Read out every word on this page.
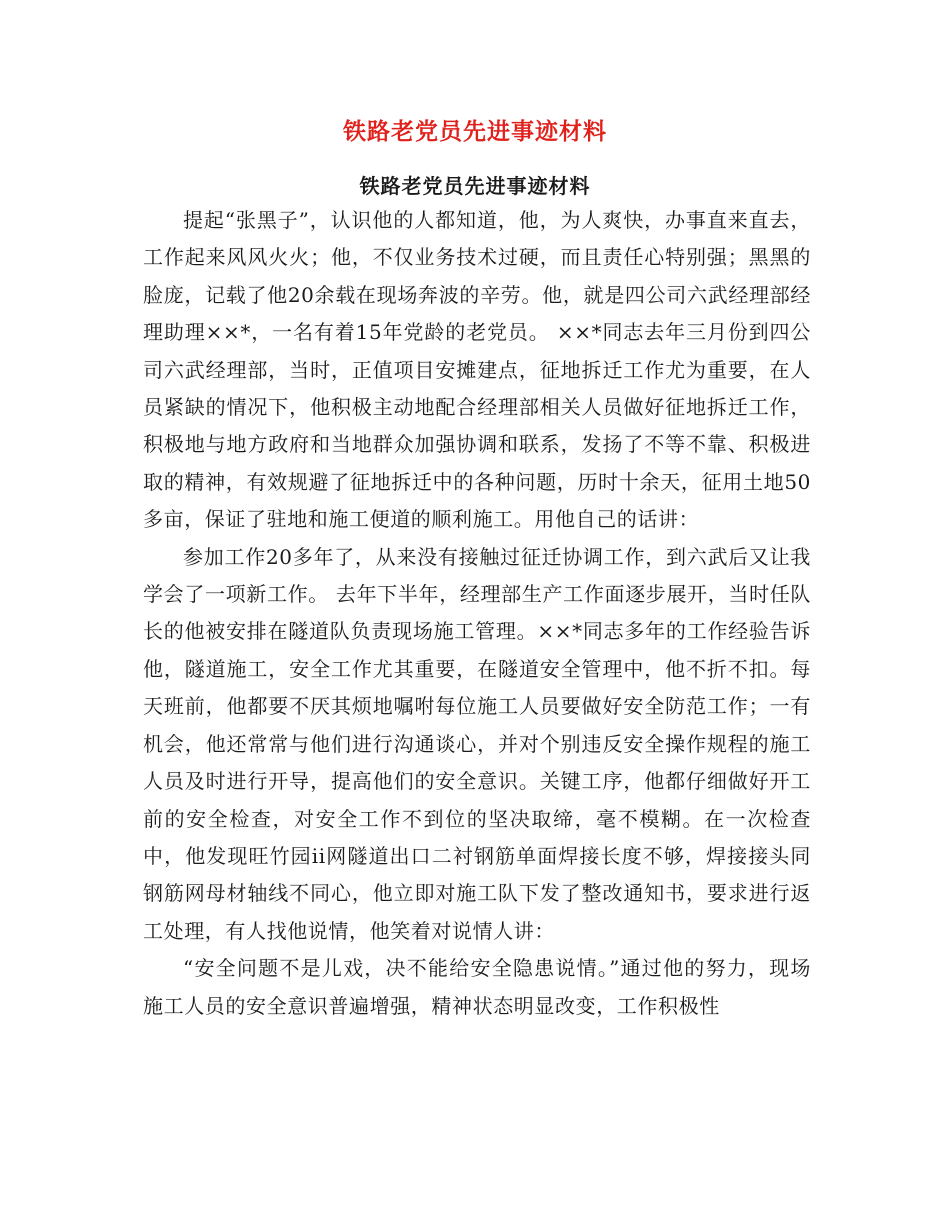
铁路老党员先进事迹材料
铁路老党员先进事迹材料

提起“张黑子”，认识他的人都知道，他，为人爽快，办事直来直去，工作起来风风火火；他，不仅业务技术过硬，而且责任心特别强；黑黑的脸庞，记载了他20余载在现场奔波的辛劳。他，就是四公司六武经理部经理助理××*，一名有着15年党龄的老党员。 ××*同志去年三月份到四公司六武经理部，当时，正值项目安摊建点，征地拆迁工作尤为重要，在人员紧缺的情况下，他积极主动地配合经理部相关人员做好征地拆迁工作，积极地与地方政府和当地群众加强协调和联系，发扬了不等不靠、积极进取的精神，有效规避了征地拆迁中的各种问题，历时十余天，征用土地50多亩，保证了驻地和施工便道的顺利施工。用他自己的话讲：

参加工作20多年了，从来没有接触过征迁协调工作，到六武后又让我学会了一项新工作。 去年下半年，经理部生产工作面逐步展开，当时任队长的他被安排在隧道队负责现场施工管理。××*同志多年的工作经验告诉他，隧道施工，安全工作尤其重要，在隧道安全管理中，他不折不扣。每天班前，他都要不厌其烦地嘱咐每位施工人员要做好安全防范工作；一有机会，他还常常与他们进行沟通谈心，并对个别违反安全操作规程的施工人员及时进行开导，提高他们的安全意识。关键工序，他都仔细做好开工前的安全检查，对安全工作不到位的坚决取缔，毫不模糊。在一次检查中，他发现旺竹园ii网隧道出口二衬钢筋单面焊接长度不够，焊接接头同钢筋网母材轴线不同心，他立即对施工队下发了整改通知书，要求进行返工处理，有人找他说情，他笑着对说情人讲：

“安全问题不是儿戏，决不能给安全隐患说情。”通过他的努力，现场施工人员的安全意识普遍增强，精神状态明显改变，工作积极性
